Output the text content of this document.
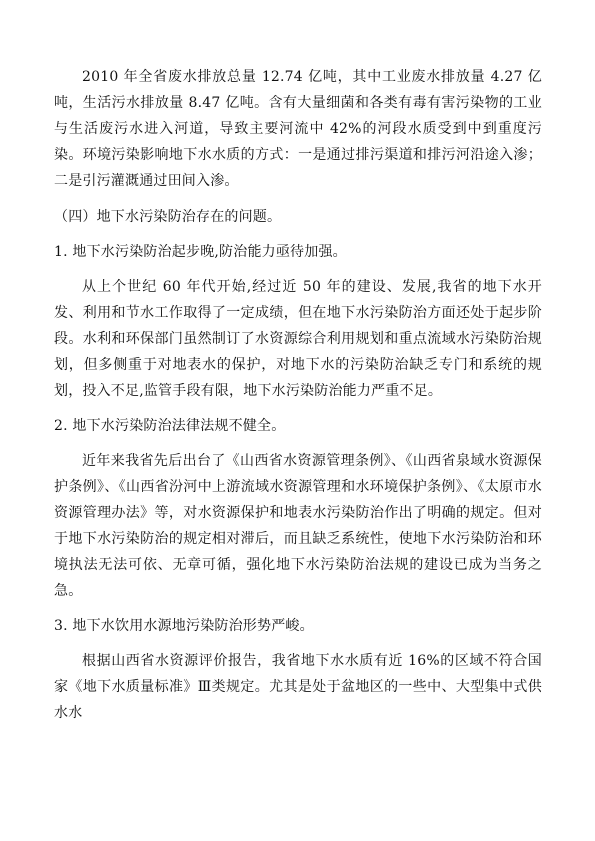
2010 年全省废水排放总量 12.74 亿吨，其中工业废水排放量 4.27 亿吨，生活污水排放量 8.47 亿吨。含有大量细菌和各类有毒有害污染物的工业与生活废污水进入河道，导致主要河流中 42%的河段水质受到中到重度污染。环境污染影响地下水水质的方式：一是通过排污渠道和排污河沿途入渗；二是引污灌溉通过田间入渗。

（四）地下水污染防治存在的问题。

1. 地下水污染防治起步晚,防治能力亟待加强。

从上个世纪 60 年代开始,经过近 50 年的建设、发展,我省的地下水开发、利用和节水工作取得了一定成绩，但在地下水污染防治方面还处于起步阶段。水利和环保部门虽然制订了水资源综合利用规划和重点流域水污染防治规划，但多侧重于对地表水的保护，对地下水的污染防治缺乏专门和系统的规划，投入不足,监管手段有限，地下水污染防治能力严重不足。

2. 地下水污染防治法律法规不健全。

近年来我省先后出台了《山西省水资源管理条例》、《山西省泉域水资源保护条例》、《山西省汾河中上游流域水资源管理和水环境保护条例》、《太原市水资源管理办法》等，对水资源保护和地表水污染防治作出了明确的规定。但对于地下水污染防治的规定相对滞后，而且缺乏系统性，使地下水污染防治和环境执法无法可依、无章可循，强化地下水污染防治法规的建设已成为当务之急。

3. 地下水饮用水源地污染防治形势严峻。

根据山西省水资源评价报告，我省地下水水质有近 16%的区域不符合国家《地下水质量标准》Ⅲ类规定。尤其是处于盆地区的一些中、大型集中式供水水
